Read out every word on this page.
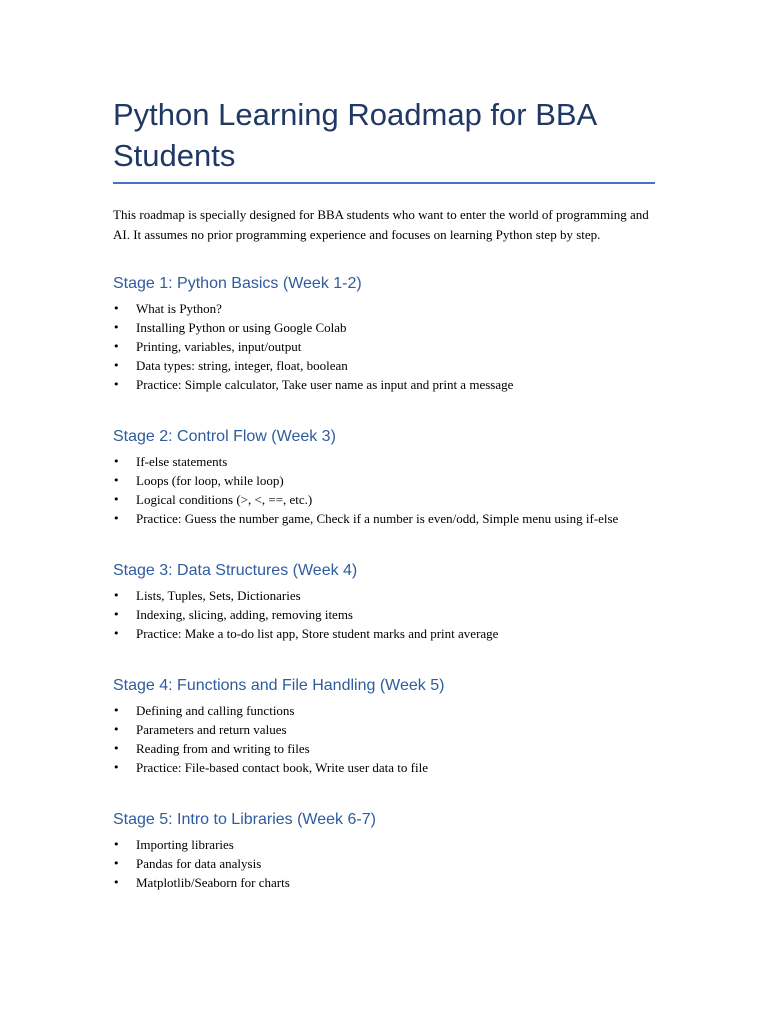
Python Learning Roadmap for BBA Students

This roadmap is specially designed for BBA students who want to enter the world of programming and AI. It assumes no prior programming experience and focuses on learning Python step by step.

Stage 1: Python Basics (Week 1-2)
• What is Python?
• Installing Python or using Google Colab
• Printing, variables, input/output
• Data types: string, integer, float, boolean
• Practice: Simple calculator, Take user name as input and print a message
Stage 2: Control Flow (Week 3)
• If-else statements
• Loops (for loop, while loop)
• Logical conditions (>, <, ==, etc.)
• Practice: Guess the number game, Check if a number is even/odd, Simple menu using if-else
Stage 3: Data Structures (Week 4)
• Lists, Tuples, Sets, Dictionaries
• Indexing, slicing, adding, removing items
• Practice: Make a to-do list app, Store student marks and print average
Stage 4: Functions and File Handling (Week 5)
• Defining and calling functions
• Parameters and return values
• Reading from and writing to files
• Practice: File-based contact book, Write user data to file
Stage 5: Intro to Libraries (Week 6-7)
• Importing libraries
• Pandas for data analysis
• Matplotlib/Seaborn for charts
